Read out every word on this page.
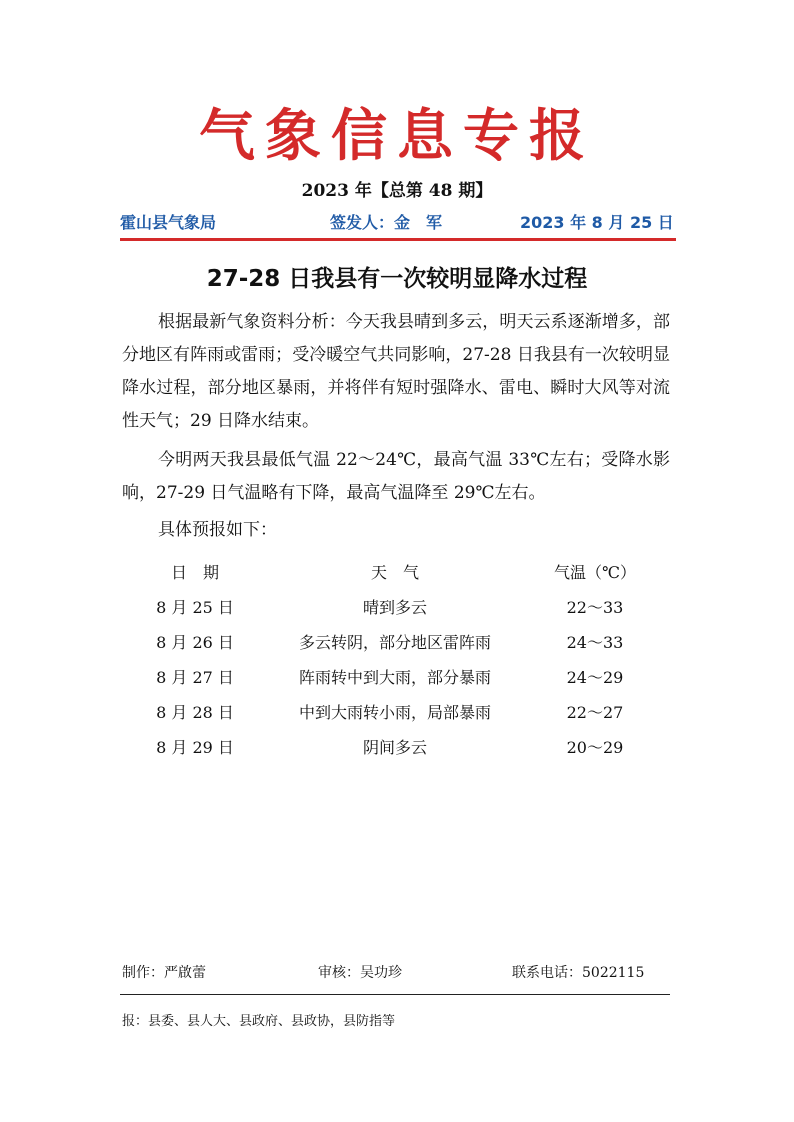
气象信息专报
2023 年【总第 48 期】
霍山县气象局	签发人：金　军	2023 年 8 月 25 日
27-28 日我县有一次较明显降水过程

根据最新气象资料分析：今天我县晴到多云，明天云系逐渐增多，部分地区有阵雨或雷雨；受冷暖空气共同影响，27-28 日我县有一次较明显降水过程，部分地区暴雨，并将伴有短时强降水、雷电、瞬时大风等对流性天气；29 日降水结束。

今明两天我县最低气温 22～24℃，最高气温 33℃左右；受降水影响，27-29 日气温略有下降，最高气温降至 29℃左右。

具体预报如下：

日　期	天　气	气温（℃）
8 月 25 日	晴到多云	22～33
8 月 26 日	多云转阴，部分地区雷阵雨	24～33
8 月 27 日	阵雨转中到大雨，部分暴雨	24～29
8 月 28 日	中到大雨转小雨，局部暴雨	22～27
8 月 29 日	阴间多云	20～29
制作：严啟蕾	审核：吴功珍	联系电话：5022115
报：县委、县人大、县政府、县政协，县防指等
